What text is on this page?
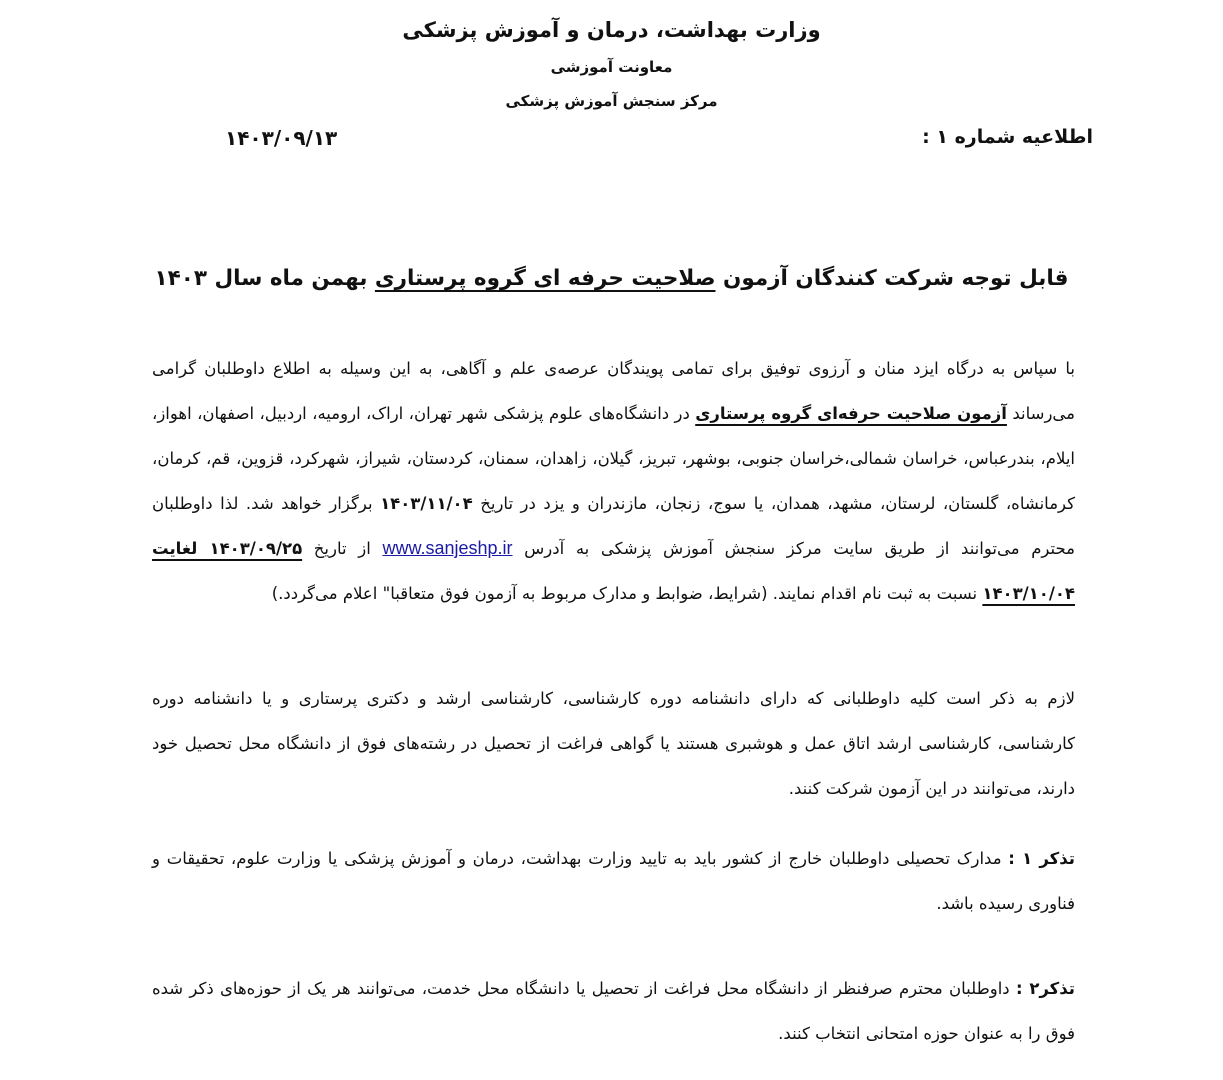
وزارت بهداشت، درمان و آموزش پزشکی
معاونت آموزشی
مرکز سنجش آموزش پزشکی
اطلاعیه شماره ۱ :
۱۴۰۳/۰۹/۱۳
قابل توجه شرکت کنندگان آزمون صلاحیت حرفه ای گروه پرستاری بهمن ماه سال ۱۴۰۳
با سپاس به درگاه ایزد منان و آرزوی توفیق برای تمامی پویندگان عرصه‌ی علم و آگاهی، به این وسیله به اطلاع داوطلبان گرامی می‌رساند آزمون صلاحیت حرفه‌ای گروه پرستاری در دانشگاه‌های علوم پزشکی شهر تهران، اراک، ارومیه، اردبیل، اصفهان، اهواز، ایلام، بندرعباس، خراسان شمالی،خراسان جنوبی، بوشهر، تبریز، گیلان، زاهدان، سمنان، کردستان، شیراز، شهرکرد، قزوین، قم، کرمان، کرمانشاه، گلستان، لرستان، مشهد، همدان، یا سوج، زنجان، مازندران و یزد در تاریخ ۱۴۰۳/۱۱/۰۴ برگزار خواهد شد. لذا داوطلبان محترم می‌توانند از طریق سایت مرکز سنجش آموزش پزشکی به آدرس www.sanjeshp.ir از تاریخ ۱۴۰۳/۰۹/۲۵ لغایت ۱۴۰۳/۱۰/۰۴ نسبت به ثبت نام اقدام نمایند. (شرایط، ضوابط و مدارک مربوط به آزمون فوق متعاقبا" اعلام می‌گردد.)
لازم به ذکر است کلیه داوطلبانی که دارای دانشنامه دوره کارشناسی، کارشناسی ارشد و دکتری پرستاری و یا دانشنامه دوره کارشناسی، کارشناسی ارشد اتاق عمل و هوشبری هستند یا گواهی فراغت از تحصیل در رشته‌های فوق از دانشگاه محل تحصیل خود دارند، می‌توانند در این آزمون شرکت کنند.
تذکر ۱ : مدارک تحصیلی داوطلبان خارج از کشور باید به تایید وزارت بهداشت، درمان و آموزش پزشکی یا وزارت علوم، تحقیقات و فناوری رسیده باشد.
تذکر۲ : داوطلبان محترم صرفنظر از دانشگاه محل فراغت از تحصیل یا دانشگاه محل خدمت، می‌توانند هر یک از حوزه‌های ذکر شده فوق را به عنوان حوزه امتحانی انتخاب کنند.
